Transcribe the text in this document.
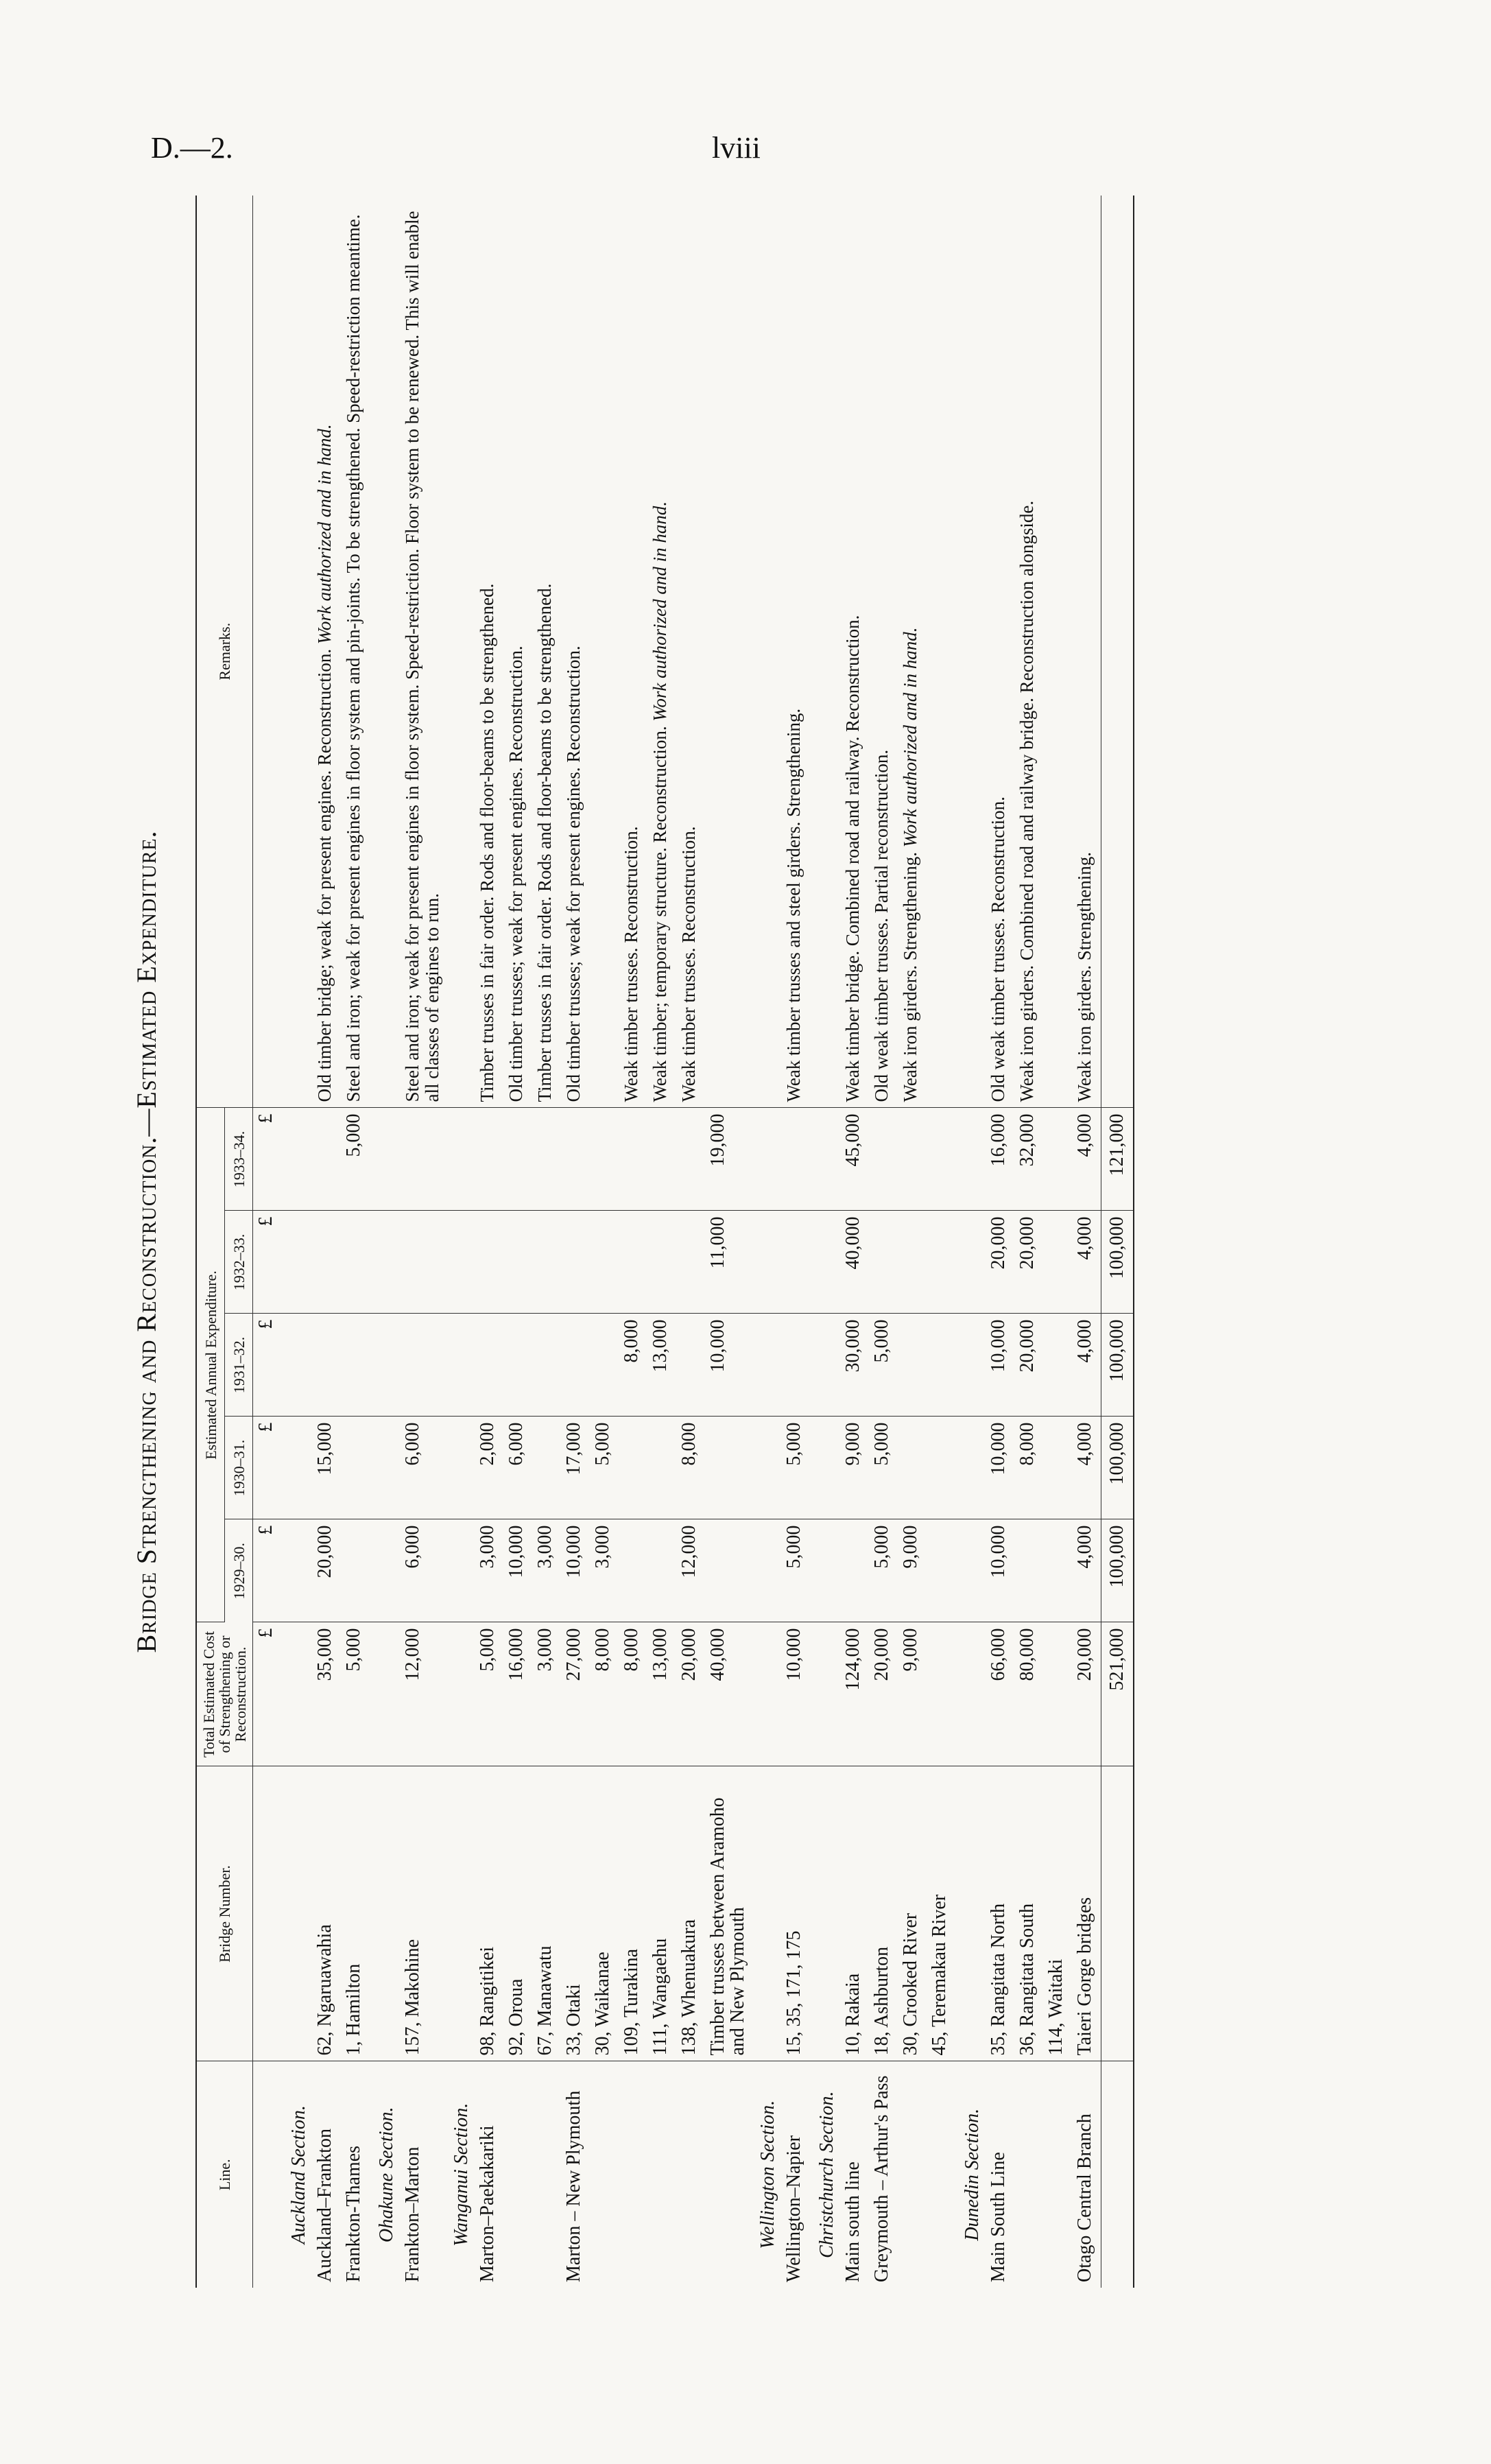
D.—2.	lviii
Bridge Strengthening and Reconstruction.—Estimated Expenditure.
Line.	Bridge Number.	Total Estimated Cost of Strengthening or Reconstruction.	Estimated Annual Expenditure.					Remarks.
			1929–30.	1930–31.	1931–32.	1932–33.	1933–34.	
		£	£	£	£	£	£	
Auckland Section.								
Auckland–Frankton	62, Ngaruawahia	35,000	20,000	15,000				Old timber bridge; weak for present engines. Reconstruction. Work authorized and in hand.
Frankton-Thames	1, Hamilton	5,000					5,000	Steel and iron; weak for present engines in floor system and pin-joints. To be strengthened. Speed-restriction meantime.
Ohakune Section.								
Frankton–Marton	157, Makohine	12,000	6,000	6,000				Steel and iron; weak for present engines in floor system. Speed-restriction. Floor system to be renewed. This will enable all classes of engines to run.
Wanganui Section.								
Marton–Paekakariki	98, Rangitikei	5,000	3,000	2,000				Timber trusses in fair order. Rods and floor-beams to be strengthened.
	92, Oroua	16,000	10,000	6,000				Old timber trusses; weak for present engines. Reconstruction.
	67, Manawatu	3,000	3,000					Timber trusses in fair order. Rods and floor-beams to be strengthened.
Marton – New Plymouth	33, Otaki	27,000	10,000	17,000				Old timber trusses; weak for present engines. Reconstruction.
	30, Waikanae	8,000	3,000	5,000				
	109, Turakina	8,000			8,000			Weak timber trusses. Reconstruction.
	111, Wangaehu	13,000			13,000			Weak timber; temporary structure. Reconstruction. Work authorized and in hand.
	138, Whenuakura	20,000	12,000	8,000				Weak timber trusses. Reconstruction.
	Timber trusses between Aramoho and New Plymouth	40,000			10,000	11,000	19,000	
Wellington Section.								
Wellington–Napier	15, 35, 171, 175	10,000	5,000	5,000				Weak timber trusses and steel girders. Strengthening.
Christchurch Section.								
Main south line	10, Rakaia	124,000		9,000	30,000	40,000	45,000	Weak timber bridge. Combined road and railway. Reconstruction.
Greymouth – Arthur's Pass	18, Ashburton	20,000	5,000	5,000	5,000			Old weak timber trusses. Partial reconstruction.
	30, Crooked River	9,000	9,000					Weak iron girders. Strengthening. Work authorized and in hand.
	45, Teremakau River							
Dunedin Section.								
Main South Line	35, Rangitata North	66,000	10,000	10,000	10,000	20,000	16,000	Old weak timber trusses. Reconstruction.
	36, Rangitata South	80,000		8,000	20,000	20,000	32,000	Weak iron girders. Combined road and railway bridge. Reconstruction alongside.
	114, Waitaki							
Otago Central Branch	Taieri Gorge bridges	20,000	4,000	4,000	4,000	4,000	4,000	Weak iron girders. Strengthening.
		521,000	100,000	100,000	100,000	100,000	121,000	
